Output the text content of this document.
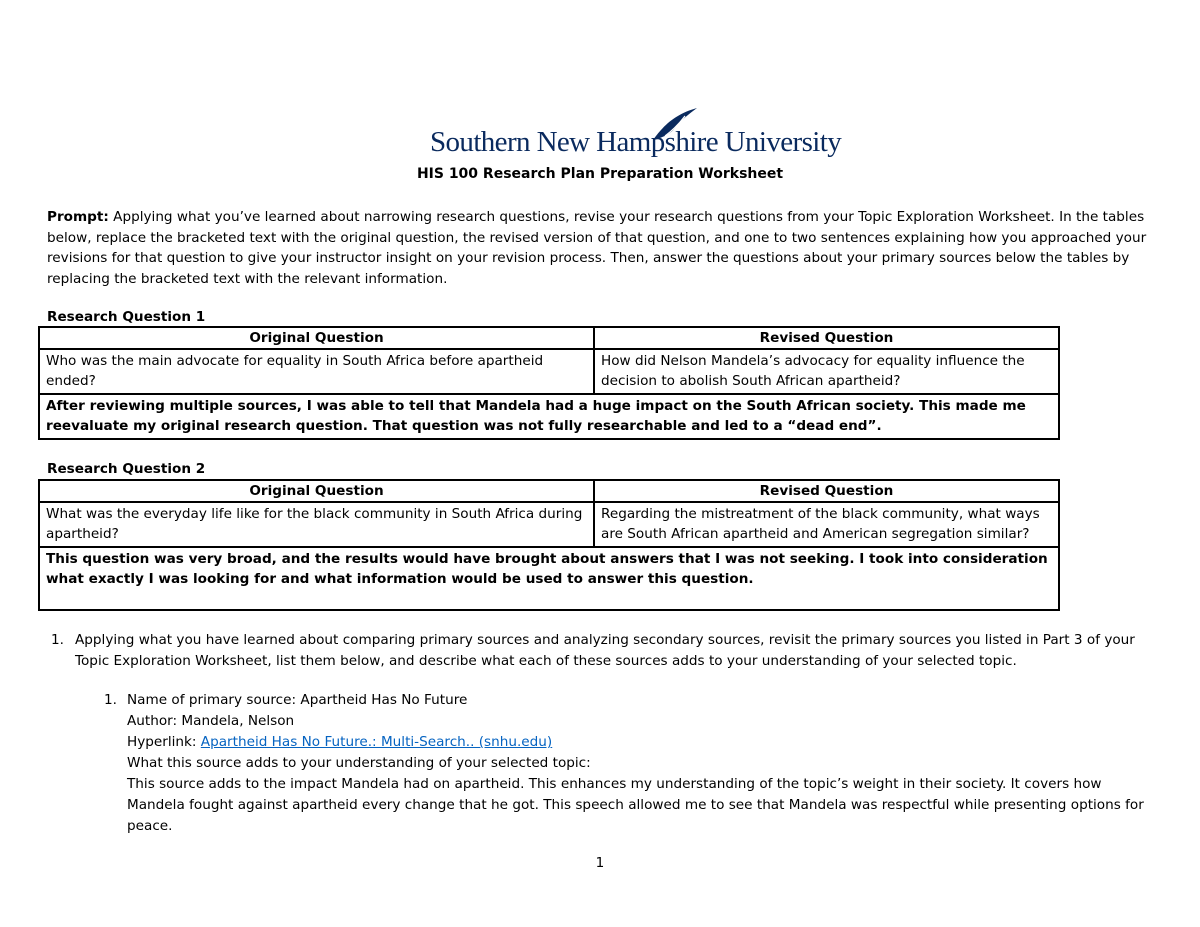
Southern New Hampshire University
HIS 100 Research Plan Preparation Worksheet
Prompt: Applying what you’ve learned about narrowing research questions, revise your research questions from your Topic Exploration Worksheet. In the tables below, replace the bracketed text with the original question, the revised version of that question, and one to two sentences explaining how you approached your revisions for that question to give your instructor insight on your revision process. Then, answer the questions about your primary sources below the tables by replacing the bracketed text with the relevant information.
Research Question 1
Original Question	Revised Question
Who was the main advocate for equality in South Africa before apartheid ended?	How did Nelson Mandela’s advocacy for equality influence the decision to abolish South African apartheid?
After reviewing multiple sources, I was able to tell that Mandela had a huge impact on the South African society. This made me reevaluate my original research question. That question was not fully researchable and led to a “dead end”.	
Research Question 2
Original Question	Revised Question
What was the everyday life like for the black community in South Africa during apartheid?	Regarding the mistreatment of the black community, what ways are South African apartheid and American segregation similar?
This question was very broad, and the results would have brought about answers that I was not seeking. I took into consideration what exactly I was looking for and what information would be used to answer this question.	
1. Applying what you have learned about comparing primary sources and analyzing secondary sources, revisit the primary sources you listed in Part 3 of your Topic Exploration Worksheet, list them below, and describe what each of these sources adds to your understanding of your selected topic.
1. Name of primary source: Apartheid Has No Future
Author: Mandela, Nelson
Hyperlink: Apartheid Has No Future.: Multi-Search.. (snhu.edu)
What this source adds to your understanding of your selected topic:
This source adds to the impact Mandela had on apartheid. This enhances my understanding of the topic’s weight in their society. It covers how Mandela fought against apartheid every change that he got. This speech allowed me to see that Mandela was respectful while presenting options for peace.
1
